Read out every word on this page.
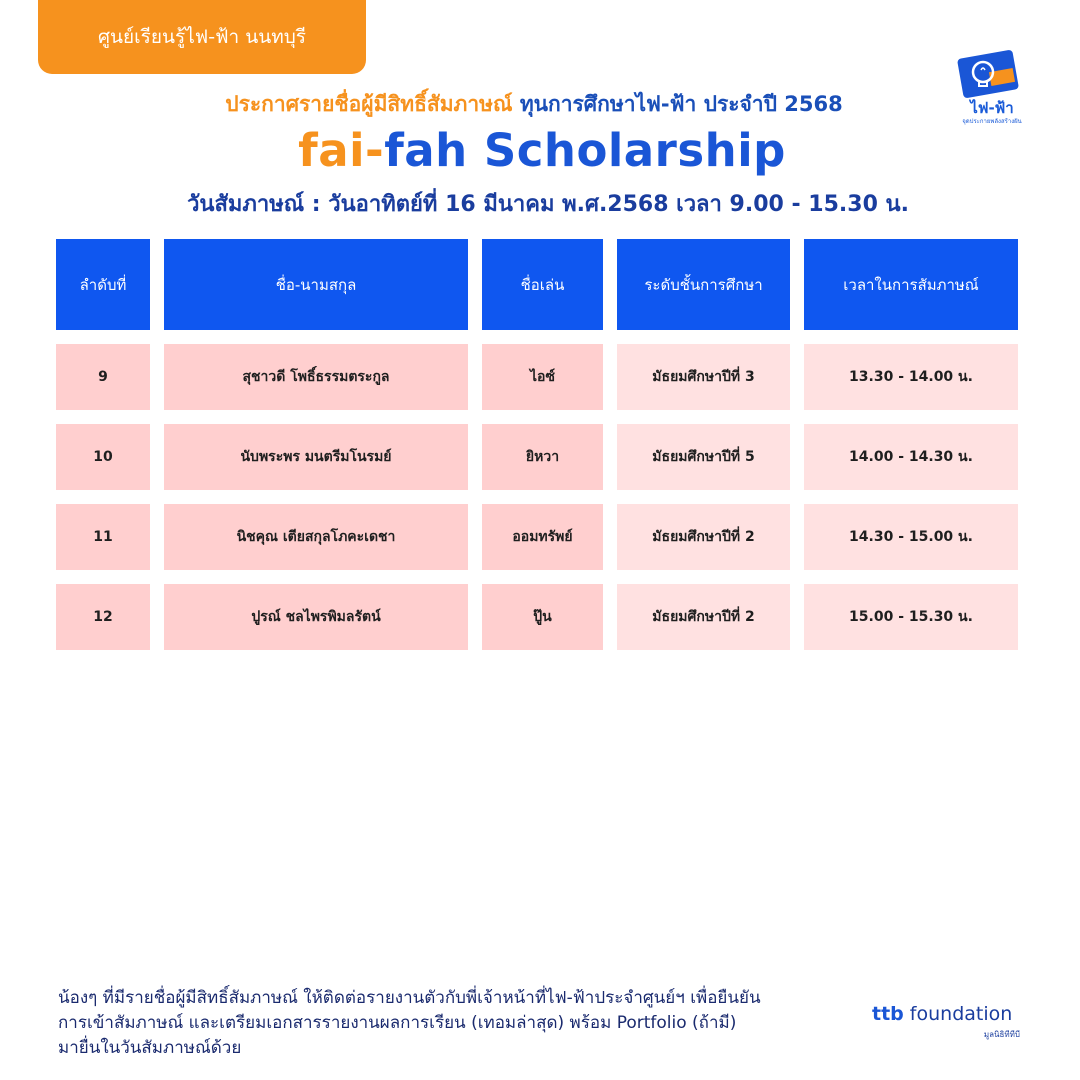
ศูนย์เรียนรู้ไฟ-ฟ้า นนทบุรี
ไฟ-ฟ้า
จุดประกายพลังสร้างฝัน
ประกาศรายชื่อผู้มีสิทธิ์สัมภาษณ์ ทุนการศึกษาไฟ-ฟ้า ประจำปี 2568
fai-fah Scholarship
วันสัมภาษณ์ : วันอาทิตย์ที่ 16 มีนาคม พ.ศ.2568 เวลา 9.00 - 15.30 น.
ลำดับที่	ชื่อ-นามสกุล	ชื่อเล่น	ระดับชั้นการศึกษา	เวลาในการสัมภาษณ์
9	สุชาวดี โพธิ์ธรรมตระกูล	ไอซ์	มัธยมศึกษาปีที่ 3	13.30 - 14.00 น.
10	นับพระพร มนตรีมโนรมย์	ยิหวา	มัธยมศึกษาปีที่ 5	14.00 - 14.30 น.
11	นิชคุณ เตียสกุลโภคะเดชา	ออมทรัพย์	มัธยมศึกษาปีที่ 2	14.30 - 15.00 น.
12	ปูรณ์ ชลไพรพิมลรัตน์	ปู๊น	มัธยมศึกษาปีที่ 2	15.00 - 15.30 น.
น้องๆ ที่มีรายชื่อผู้มีสิทธิ์สัมภาษณ์ ให้ติดต่อรายงานตัวกับพี่เจ้าหน้าที่ไฟ-ฟ้าประจำศูนย์ฯ เพื่อยืนยัน
การเข้าสัมภาษณ์ และเตรียมเอกสารรายงานผลการเรียน (เทอมล่าสุด) พร้อม Portfolio (ถ้ามี)
มายื่นในวันสัมภาษณ์ด้วย
ttb foundation
มูลนิธิทีทีบี
